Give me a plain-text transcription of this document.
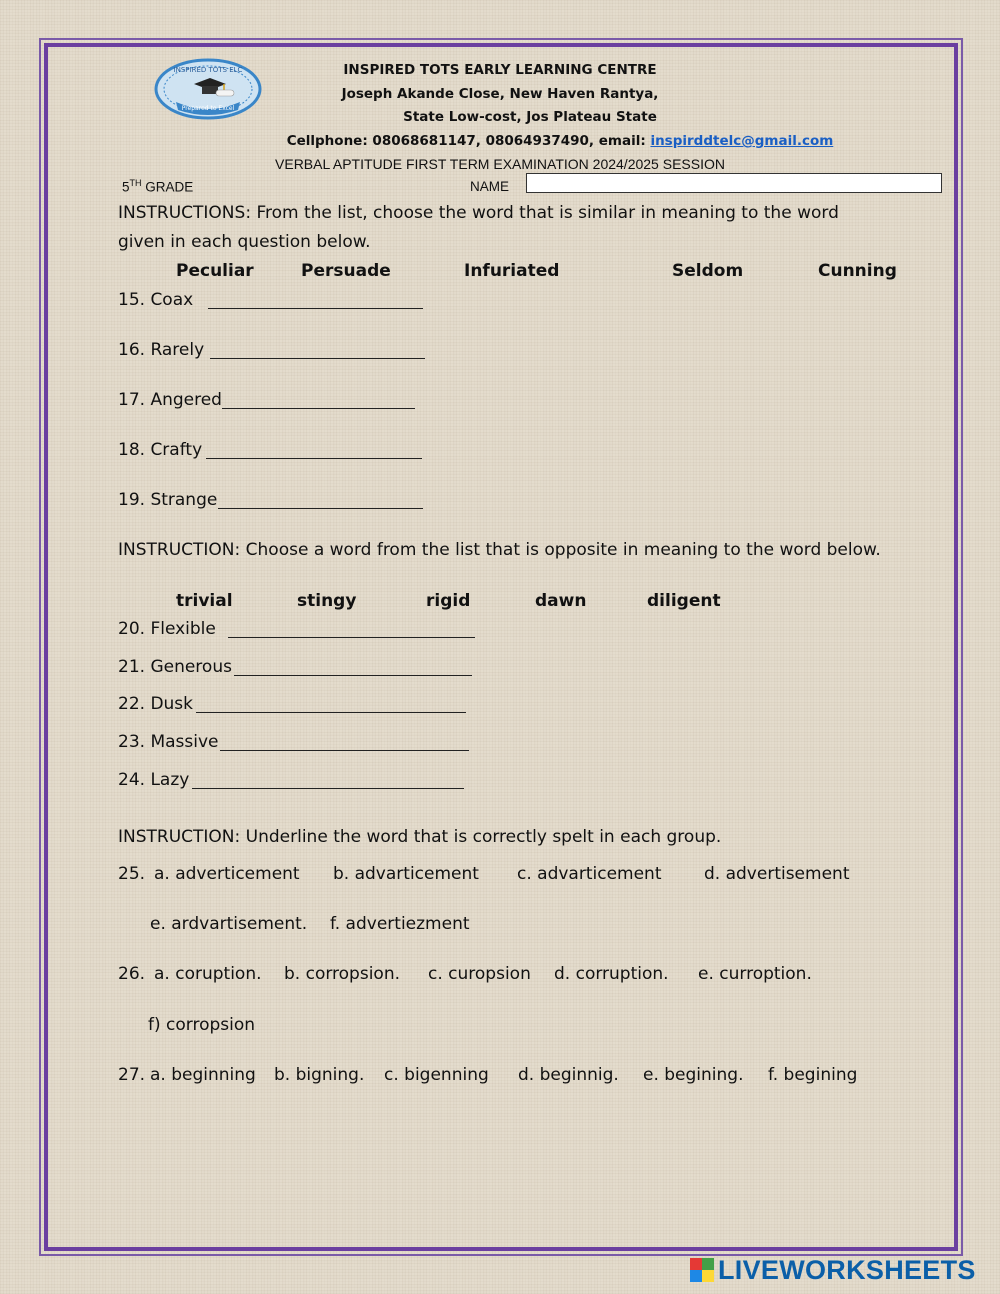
INSPIRED TOTS ELC
Prepared to Excel
INSPIRED TOTS EARLY LEARNING CENTRE
Joseph Akande Close, New Haven Rantya,
State Low-cost, Jos Plateau State
Cellphone: 08068681147, 08064937490, email: inspirddtelc@gmail.com
VERBAL APTITUDE FIRST TERM EXAMINATION 2024/2025 SESSION
5TH GRADE	NAME
INSTRUCTIONS: From the list, choose the word that is similar in meaning to the word
given in each question below.
Peculiar	Persuade	Infuriated	Seldom	Cunning
15. Coax
16. Rarely
17. Angered
18. Crafty
19. Strange
INSTRUCTION: Choose a word from the list that is opposite in meaning to the word below.
trivial	stingy	rigid	dawn	diligent
20. Flexible
21. Generous
22. Dusk
23. Massive
24. Lazy
INSTRUCTION: Underline the word that is correctly spelt in each group.
25. a. adverticement b. advarticement c. advarticement	d. advertisement
e. ardvartisement. f. advertiezment
26. a. coruption. b. corropsion. c. curopsion d. corruption. e. curroption.
f) corropsion
27. a. beginning b. bigning. c. bigenning d. beginnig. e. begining. f. begining
LIVEWORKSHEETS
